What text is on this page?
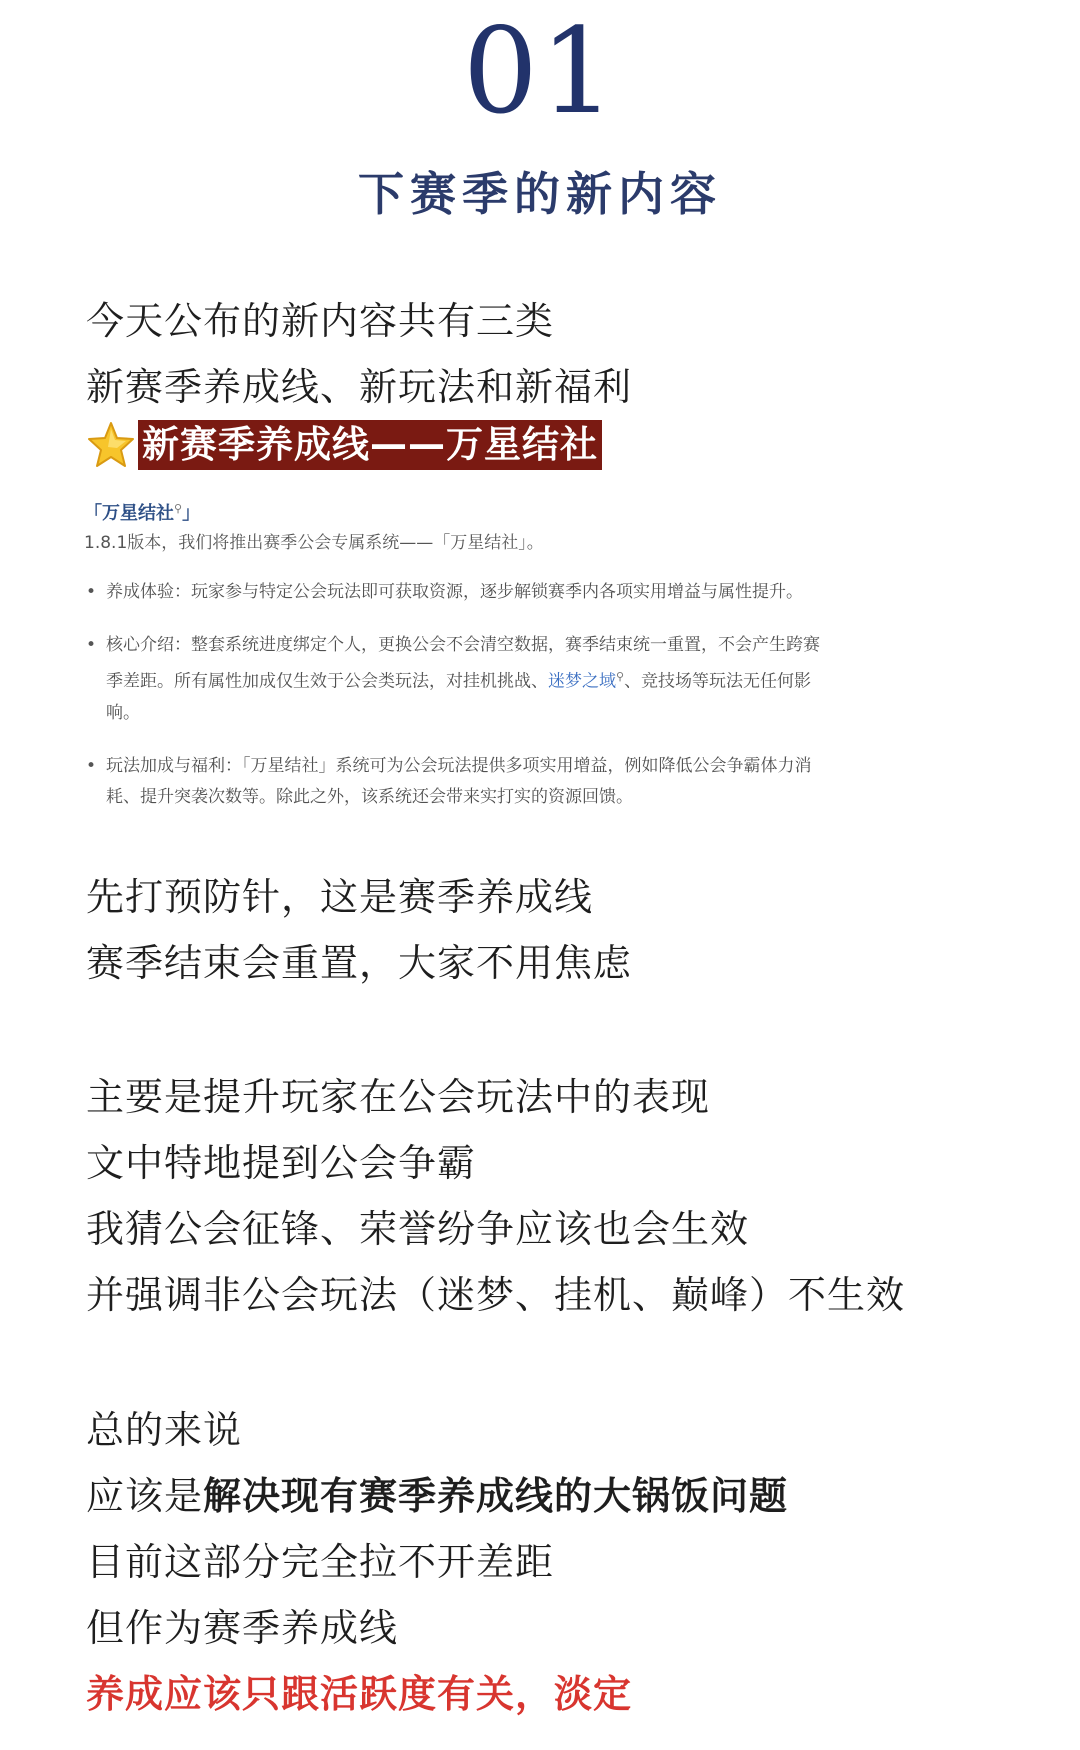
01
下赛季的新内容
今天公布的新内容共有三类
新赛季养成线、新玩法和新福利
新赛季养成线——万星结社
「万星结社⚲」
1.8.1版本，我们将推出赛季公会专属系统——「万星结社」。
• 养成体验：玩家参与特定公会玩法即可获取资源，逐步解锁赛季内各项实用增益与属性提升。
• 核心介绍：整套系统进度绑定个人，更换公会不会清空数据，赛季结束统一重置，不会产生跨赛
季差距。所有属性加成仅生效于公会类玩法，对挂机挑战、迷梦之域⚲、竞技场等玩法无任何影
响。
• 玩法加成与福利：「万星结社」系统可为公会玩法提供多项实用增益，例如降低公会争霸体力消
耗、提升突袭次数等。除此之外，该系统还会带来实打实的资源回馈。
先打预防针，这是赛季养成线
赛季结束会重置，大家不用焦虑
主要是提升玩家在公会玩法中的表现
文中特地提到公会争霸
我猜公会征锋、荣誉纷争应该也会生效
并强调非公会玩法（迷梦、挂机、巅峰）不生效
总的来说
应该是解决现有赛季养成线的大锅饭问题
目前这部分完全拉不开差距
但作为赛季养成线
养成应该只跟活跃度有关，淡定
